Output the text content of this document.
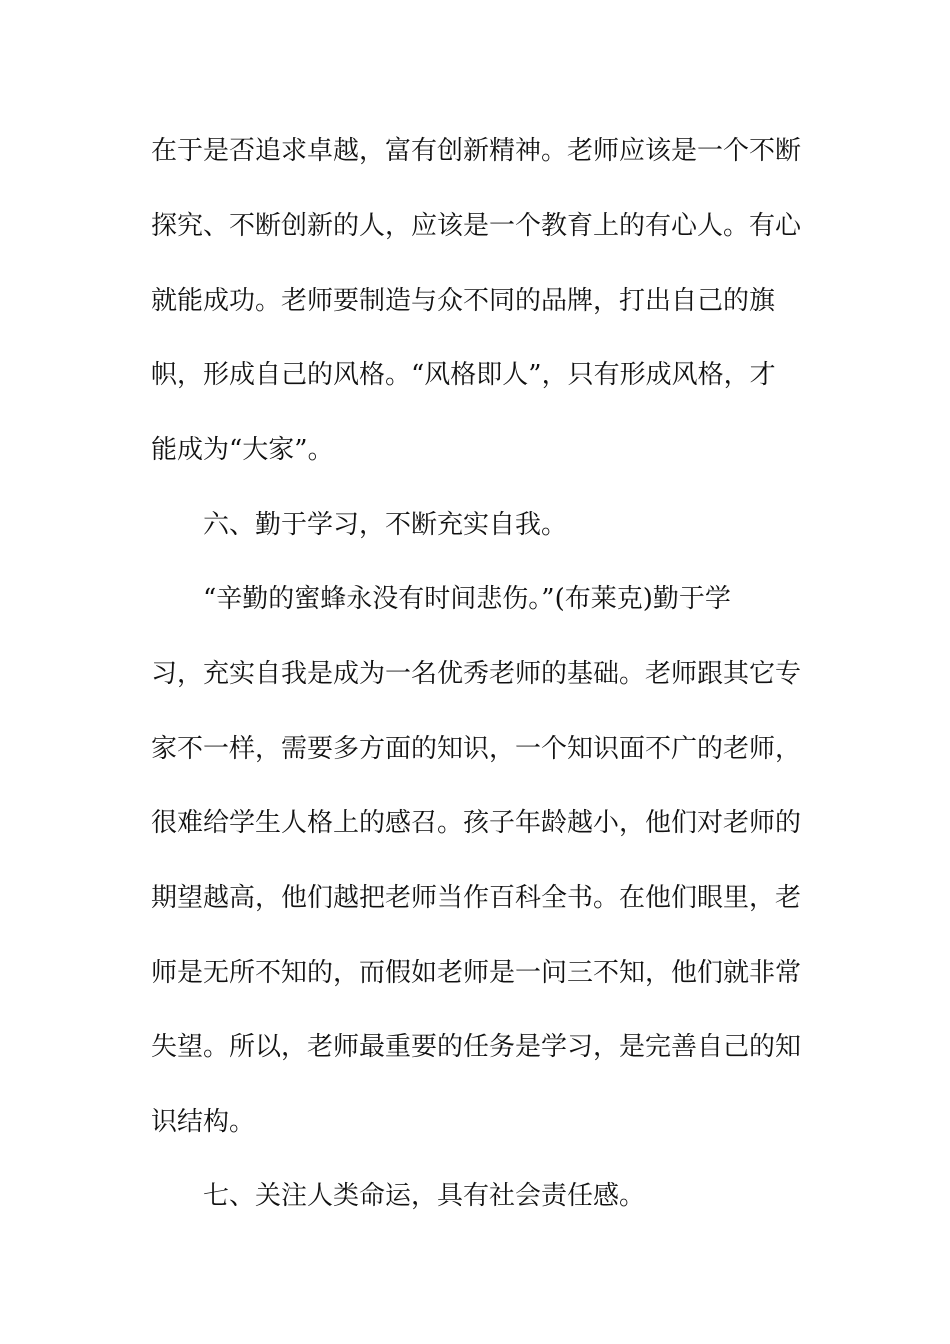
在于是否追求卓越，富有创新精神。老师应该是一个不断
探究、不断创新的人，应该是一个教育上的有心人。有心
就能成功。老师要制造与众不同的品牌，打出自己的旗
帜，形成自己的风格。“风格即人”，只有形成风格，才
能成为“大家”。
六、勤于学习，不断充实自我。
“辛勤的蜜蜂永没有时间悲伤。”(布莱克)勤于学
习，充实自我是成为一名优秀老师的基础。老师跟其它专
家不一样，需要多方面的知识，一个知识面不广的老师，
很难给学生人格上的感召。孩子年龄越小，他们对老师的
期望越高，他们越把老师当作百科全书。在他们眼里，老
师是无所不知的，而假如老师是一问三不知，他们就非常
失望。所以，老师最重要的任务是学习，是完善自己的知
识结构。
七、关注人类命运，具有社会责任感。
